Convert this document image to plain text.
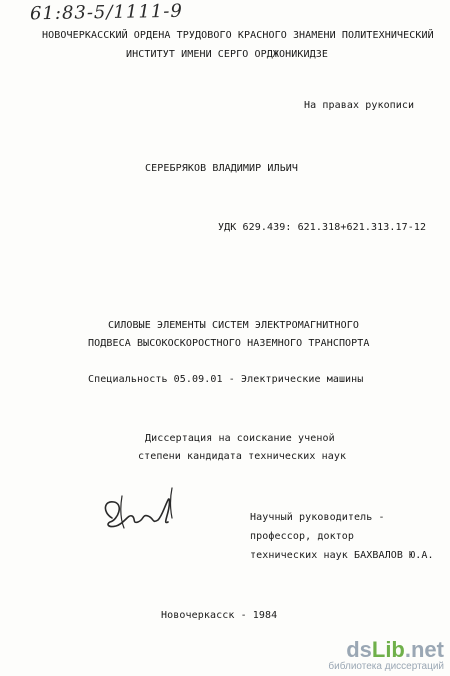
61:83-5/1111-9
НОВОЧЕРКАССКИЙ ОРДЕНА ТРУДОВОГО КРАСНОГО ЗНАМЕНИ ПОЛИТЕХНИЧЕСКИЙ
ИНСТИТУТ ИМЕНИ СЕРГО ОРДЖОНИКИДЗЕ
На правах рукописи
СЕРЕБРЯКОВ ВЛАДИМИР ИЛЬИЧ
УДК 629.439: 621.318+621.313.17-12
СИЛОВЫЕ ЭЛЕМЕНТЫ СИСТЕМ ЭЛЕКТРОМАГНИТНОГО
ПОДВЕСА ВЫСОКОСКОРОСТНОГО НАЗЕМНОГО ТРАНСПОРТА
Специальность 05.09.01 - Электрические машины
Диссертация на соискание ученой
степени кандидата технических наук
Научный руководитель -
профессор, доктор
технических наук БАХВАЛОВ Ю.А.
Новочеркасск - 1984
dsLib.net
библиотека диссертаций
